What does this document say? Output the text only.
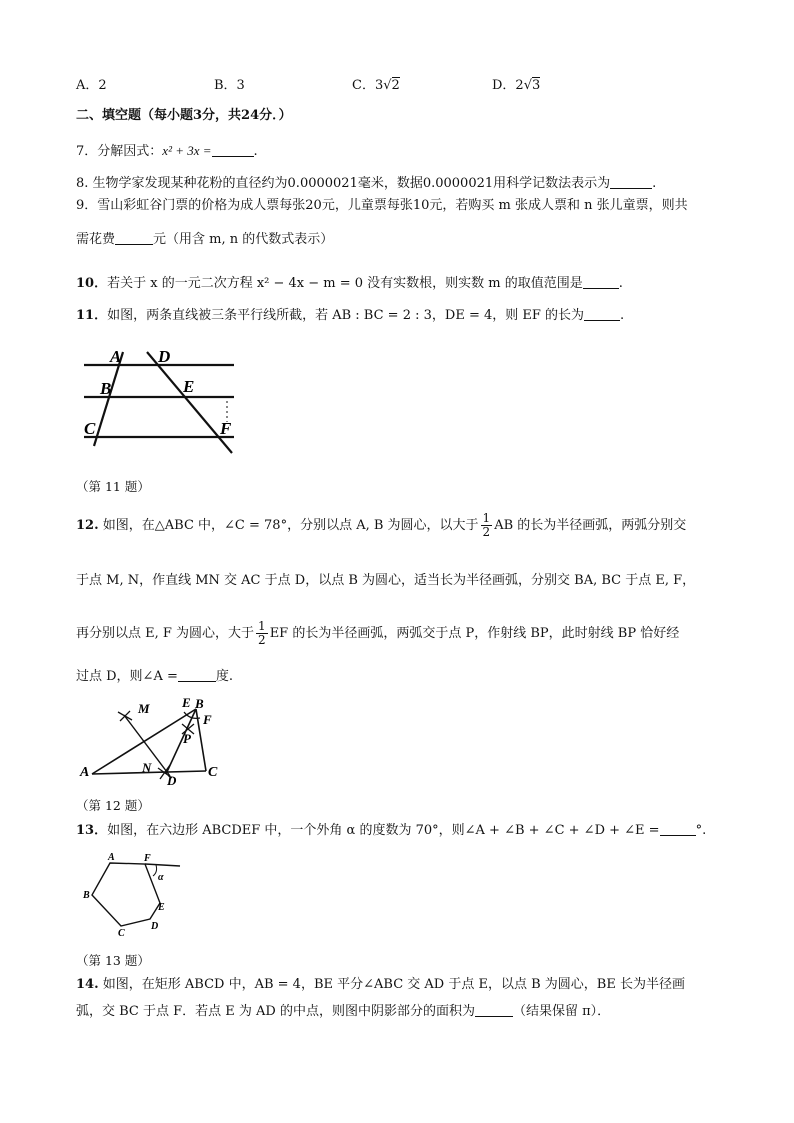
A．2	B．3	C．3√2	D．2√3
二、填空题（每小题3分，共24分．）
7．分解因式：x² + 3x =	.
8. 生物学家发现某种花粉的直径约为0.0000021毫米，数据0.0000021用科学记数法表示为	.
9．雪山彩虹谷门票的价格为成人票每张20元，儿童票每张10元，若购买 m 张成人票和 n 张儿童票，则共
需花费	元（用含 m, n 的代数式表示）
10．若关于 x 的一元二次方程 x² − 4x − m = 0 没有实数根，则实数 m 的取值范围是	.
11．如图，两条直线被三条平行线所截，若 AB : BC = 2 : 3，DE = 4，则 EF 的长为	.
A
B
C
D
E
F
（第 11 题）
12. 如图，在△ABC 中，∠C = 78°，分别以点 A, B 为圆心，以大于 $\frac{1}{2}$ AB 的长为半径画弧，两弧分别交
于点 M, N，作直线 MN 交 AC 于点 D，以点 B 为圆心，适当长为半径画弧，分别交 BA, BC 于点 E, F，
再分别以点 E, F 为圆心，大于 $\frac{1}{2}$ EF 的长为半径画弧，两弧交于点 P，作射线 BP，此时射线 BP 恰好经
过点 D，则∠A =	度.
A
E B
F
P
C
M
N
D
（第 12 题）
13．如图，在六边形 ABCDEF 中，一个外角 α 的度数为 70°，则∠A + ∠B + ∠C + ∠D + ∠E =	°.
A
B
C
D
E
F
α
（第 13 题）
14. 如图，在矩形 ABCD 中，AB = 4，BE 平分∠ABC 交 AD 于点 E，以点 B 为圆心，BE 长为半径画
弧，交 BC 于点 F．若点 E 为 AD 的中点，则图中阴影部分的面积为	（结果保留 π）．
